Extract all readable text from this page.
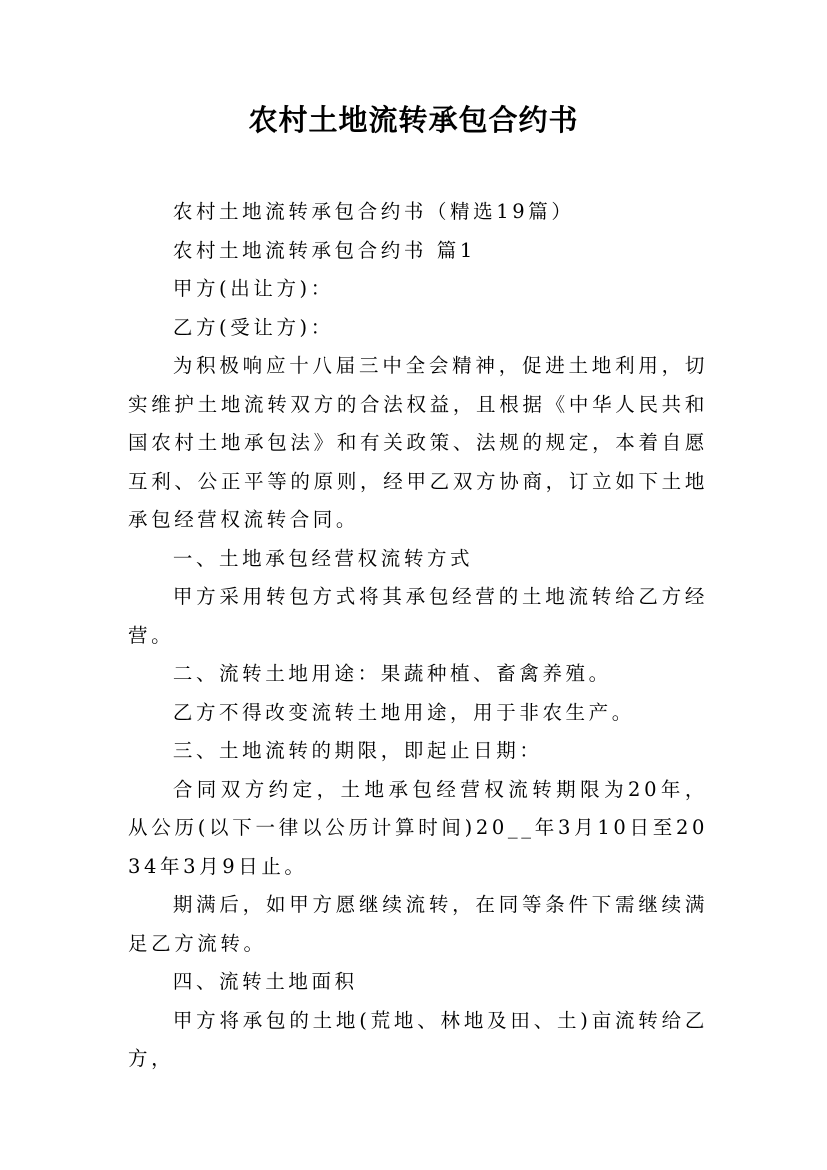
农村土地流转承包合约书

农村土地流转承包合约书（精选19篇）

农村土地流转承包合约书 篇1

甲方(出让方)：

乙方(受让方)：

为积极响应十八届三中全会精神，促进土地利用，切实维护土地流转双方的合法权益，且根据《中华人民共和国农村土地承包法》和有关政策、法规的规定，本着自愿互利、公正平等的原则，经甲乙双方协商，订立如下土地承包经营权流转合同。

一、土地承包经营权流转方式

甲方采用转包方式将其承包经营的土地流转给乙方经营。

二、流转土地用途：果蔬种植、畜禽养殖。

乙方不得改变流转土地用途，用于非农生产。

三、土地流转的期限，即起止日期：

合同双方约定，土地承包经营权流转期限为20年，从公历(以下一律以公历计算时间)20__年3月10日至2034年3月9日止。

期满后，如甲方愿继续流转，在同等条件下需继续满足乙方流转。

四、流转土地面积

甲方将承包的土地(荒地、林地及田、土)亩流转给乙方，
